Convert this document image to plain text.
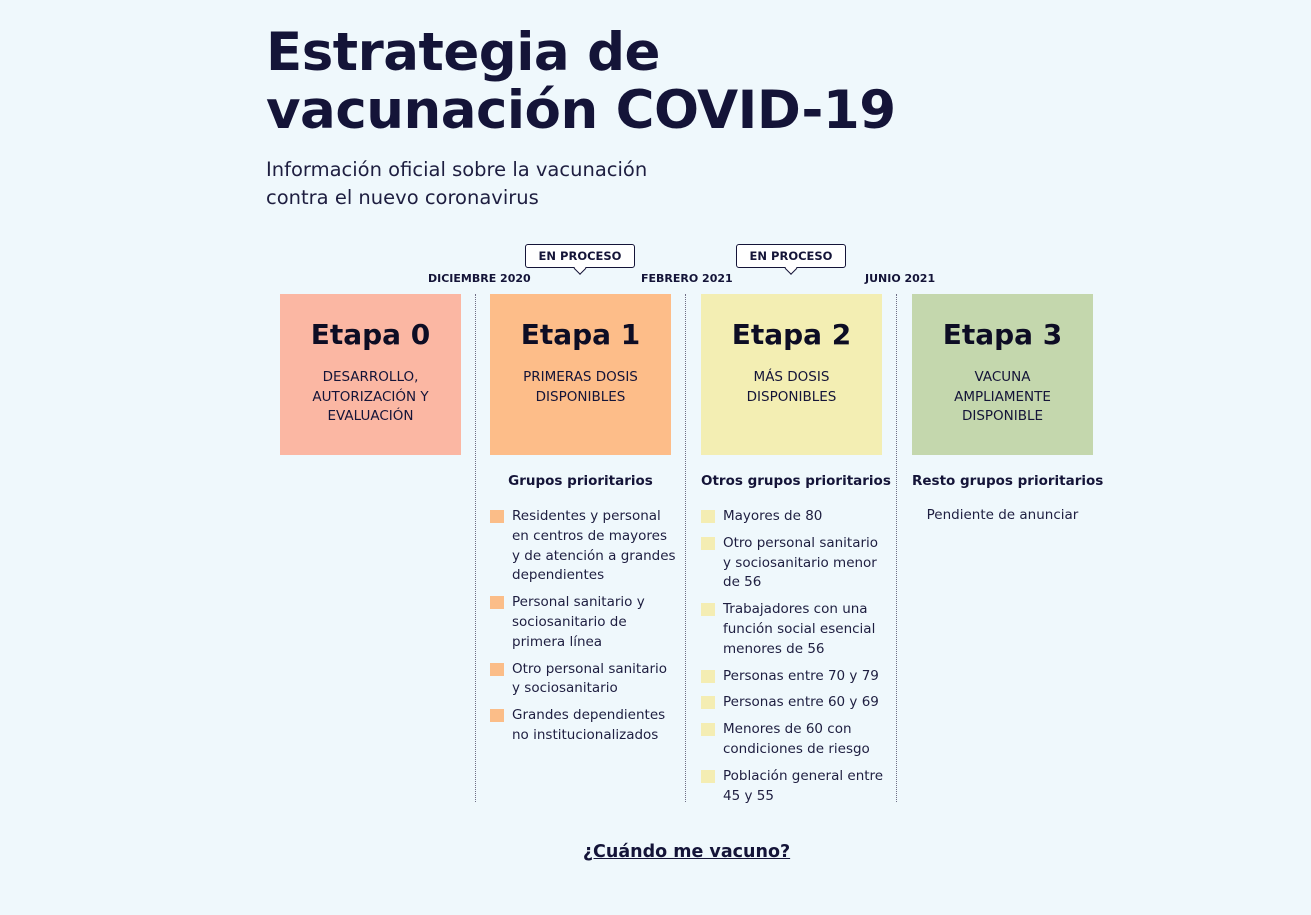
Estrategia de
vacunación COVID-19
Información oficial sobre la vacunación
contra el nuevo coronavirus
EN PROCESO	EN PROCESO
DICIEMBRE 2020	FEBRERO 2021	JUNIO 2021
Etapa 0
DESARROLLO,
AUTORIZACIÓN Y
EVALUACIÓN
Etapa 1
PRIMERAS DOSIS
DISPONIBLES
Grupos prioritarios
Residentes y personal
en centros de mayores
y de atención a grandes
dependientes
Personal sanitario y
sociosanitario de
primera línea
Otro personal sanitario
y sociosanitario
Grandes dependientes
no institucionalizados
Etapa 2
MÁS DOSIS
DISPONIBLES
Otros grupos prioritarios
Mayores de 80
Otro personal sanitario
y sociosanitario menor
de 56
Trabajadores con una
función social esencial
menores de 56
Personas entre 70 y 79
Personas entre 60 y 69
Menores de 60 con
condiciones de riesgo
Población general entre
45 y 55
Etapa 3
VACUNA
AMPLIAMENTE
DISPONIBLE
Resto grupos prioritarios
Pendiente de anunciar
¿Cuándo me vacuno?
